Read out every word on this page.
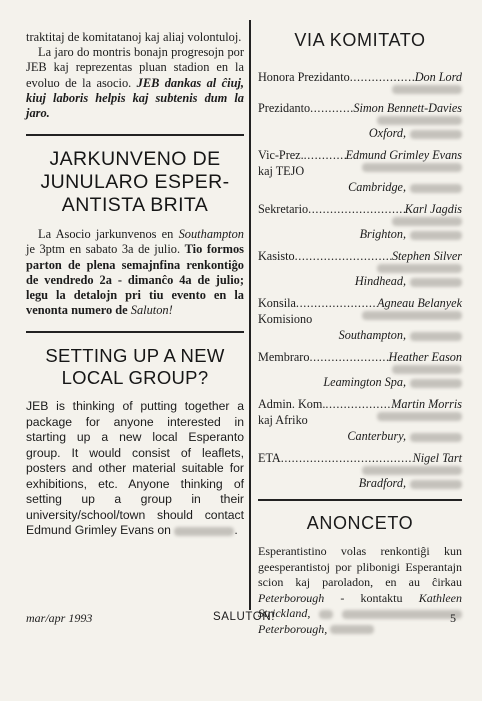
traktitaj de komitatanoj kaj aliaj volontuloj.

La jaro do montris bonajn progresojn por JEB kaj reprezentas pluan stadion en la evoluo de la asocio. JEB dankas al ĉiuj, kiuj laboris helpis kaj subtenis dum la jaro.

JARKUNVENO DE
JUNULARO ESPER-
ANTISTA BRITA

La Asocio jarkunvenos en Southampton je 3ptm en sabato 3a de julio. Tio formos parton de plena semajnfina renkontiĝo de vendredo 2a - dimanĉo 4a de julio; legu la detalojn pri tiu evento en la venonta numero de Saluton!

SETTING UP A NEW
LOCAL GROUP?

JEB is thinking of putting together a package for anyone interested in starting up a new local Esperanto group. It would consist of leaflets, posters and other material suitable for exhibitions, etc. Anyone thinking of setting up a group in their university/school/town should contact Edmund Grimley Evans on	.

VIA KOMITATO
Honora Prezidanto .....	Don Lord
Prezidanto .....	Simon Bennett-Davies
Oxford,
Vic-Prez. .....	Edmund Grimley Evans
kaj TEJO
Cambridge,
Sekretario .....	Karl Jagdis
Brighton,
Kasisto .....	Stephen Silver
Hindhead,
Konsila .....	Agneau Belanyek
Komisiono
Southampton,
Membraro .....	Heather Eason
Leamington Spa,
Admin. Kom. .....	Martin Morris
kaj Afriko
Canterbury,
ETA .....	Nigel Tart
Bradford,
ANONCETO

Esperantistino volas renkontiĝi kun geesperantistoj por plibonigi Esperantajn scion kaj paroladon, en au ĉirkau Peterborough - kontaktu Kathleen Strickland,   Peterborough,

mar/apr 1993	SALUTON!	5
